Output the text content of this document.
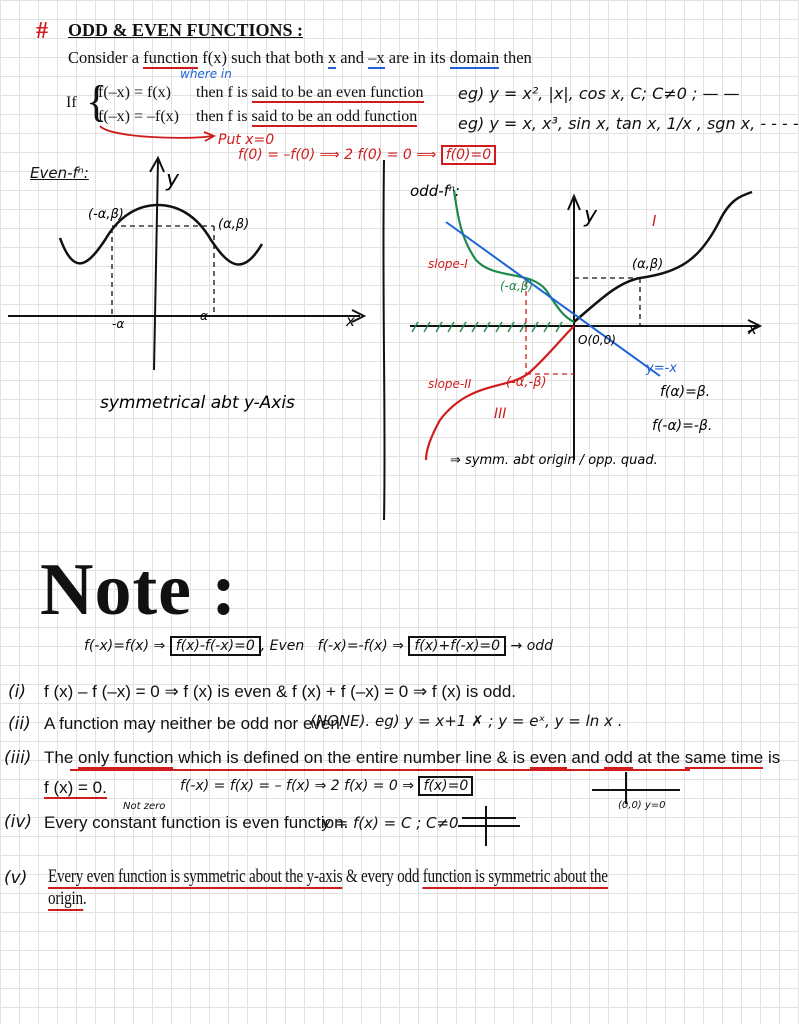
# ODD & EVEN FUNCTIONS :
Consider a function f(x) such that both x and –x are in its domain then
where in
If {
f(–x) = f(x) then f is said to be an even function
f(–x) = –f(x) then f is said to be an odd function
eg) y = x², |x|, cos x, C; C≠0 ; — —
eg) y = x, x³, sin x, tan x, 1/x , sgn x, - - - -
Put x=0
f(0) = –f(0) ⟹ 2 f(0) = 0 ⟹ f(0)=0
(-α,β)
(α,β)
-α
α
y
x
symmetrical abt y-Axis
odd-fⁿ:
y
x
I
III
(α,β)
(-α,β)
(-α,-β)
O(0,0)
slope-I
slope-II
y=-x
f(α)=β.
f(-α)=-β.
⇒ symm. abt origin / opp. quad.
Even-fⁿ:
Note :
f(-x)=f(x) ⇒ f(x)-f(-x)=0 , Even f(-x)=-f(x) ⇒ f(x)+f(-x)=0 → odd
(i) f (x) – f (–x) = 0 ⇒ f (x) is even & f (x) + f (–x) = 0 ⇒ f (x) is odd.
(ii) A function may neither be odd nor even.
(NONE). eg) y = x+1 ✗ ; y = eˣ, y = ln x .
(iii) The only function which is defined on the entire number line & is even and odd at the same time is
f (x) = 0.	f(-x) = f(x) = – f(x) ⇒ 2 f(x) = 0 ⇒ f(x)=0
(0,0) y=0
(iv)
Not zero
Every constant function is even function.
y = f(x) = C ; C≠0
(v) Every even function is symmetric about the y-axis & every odd function is symmetric about the origin.
